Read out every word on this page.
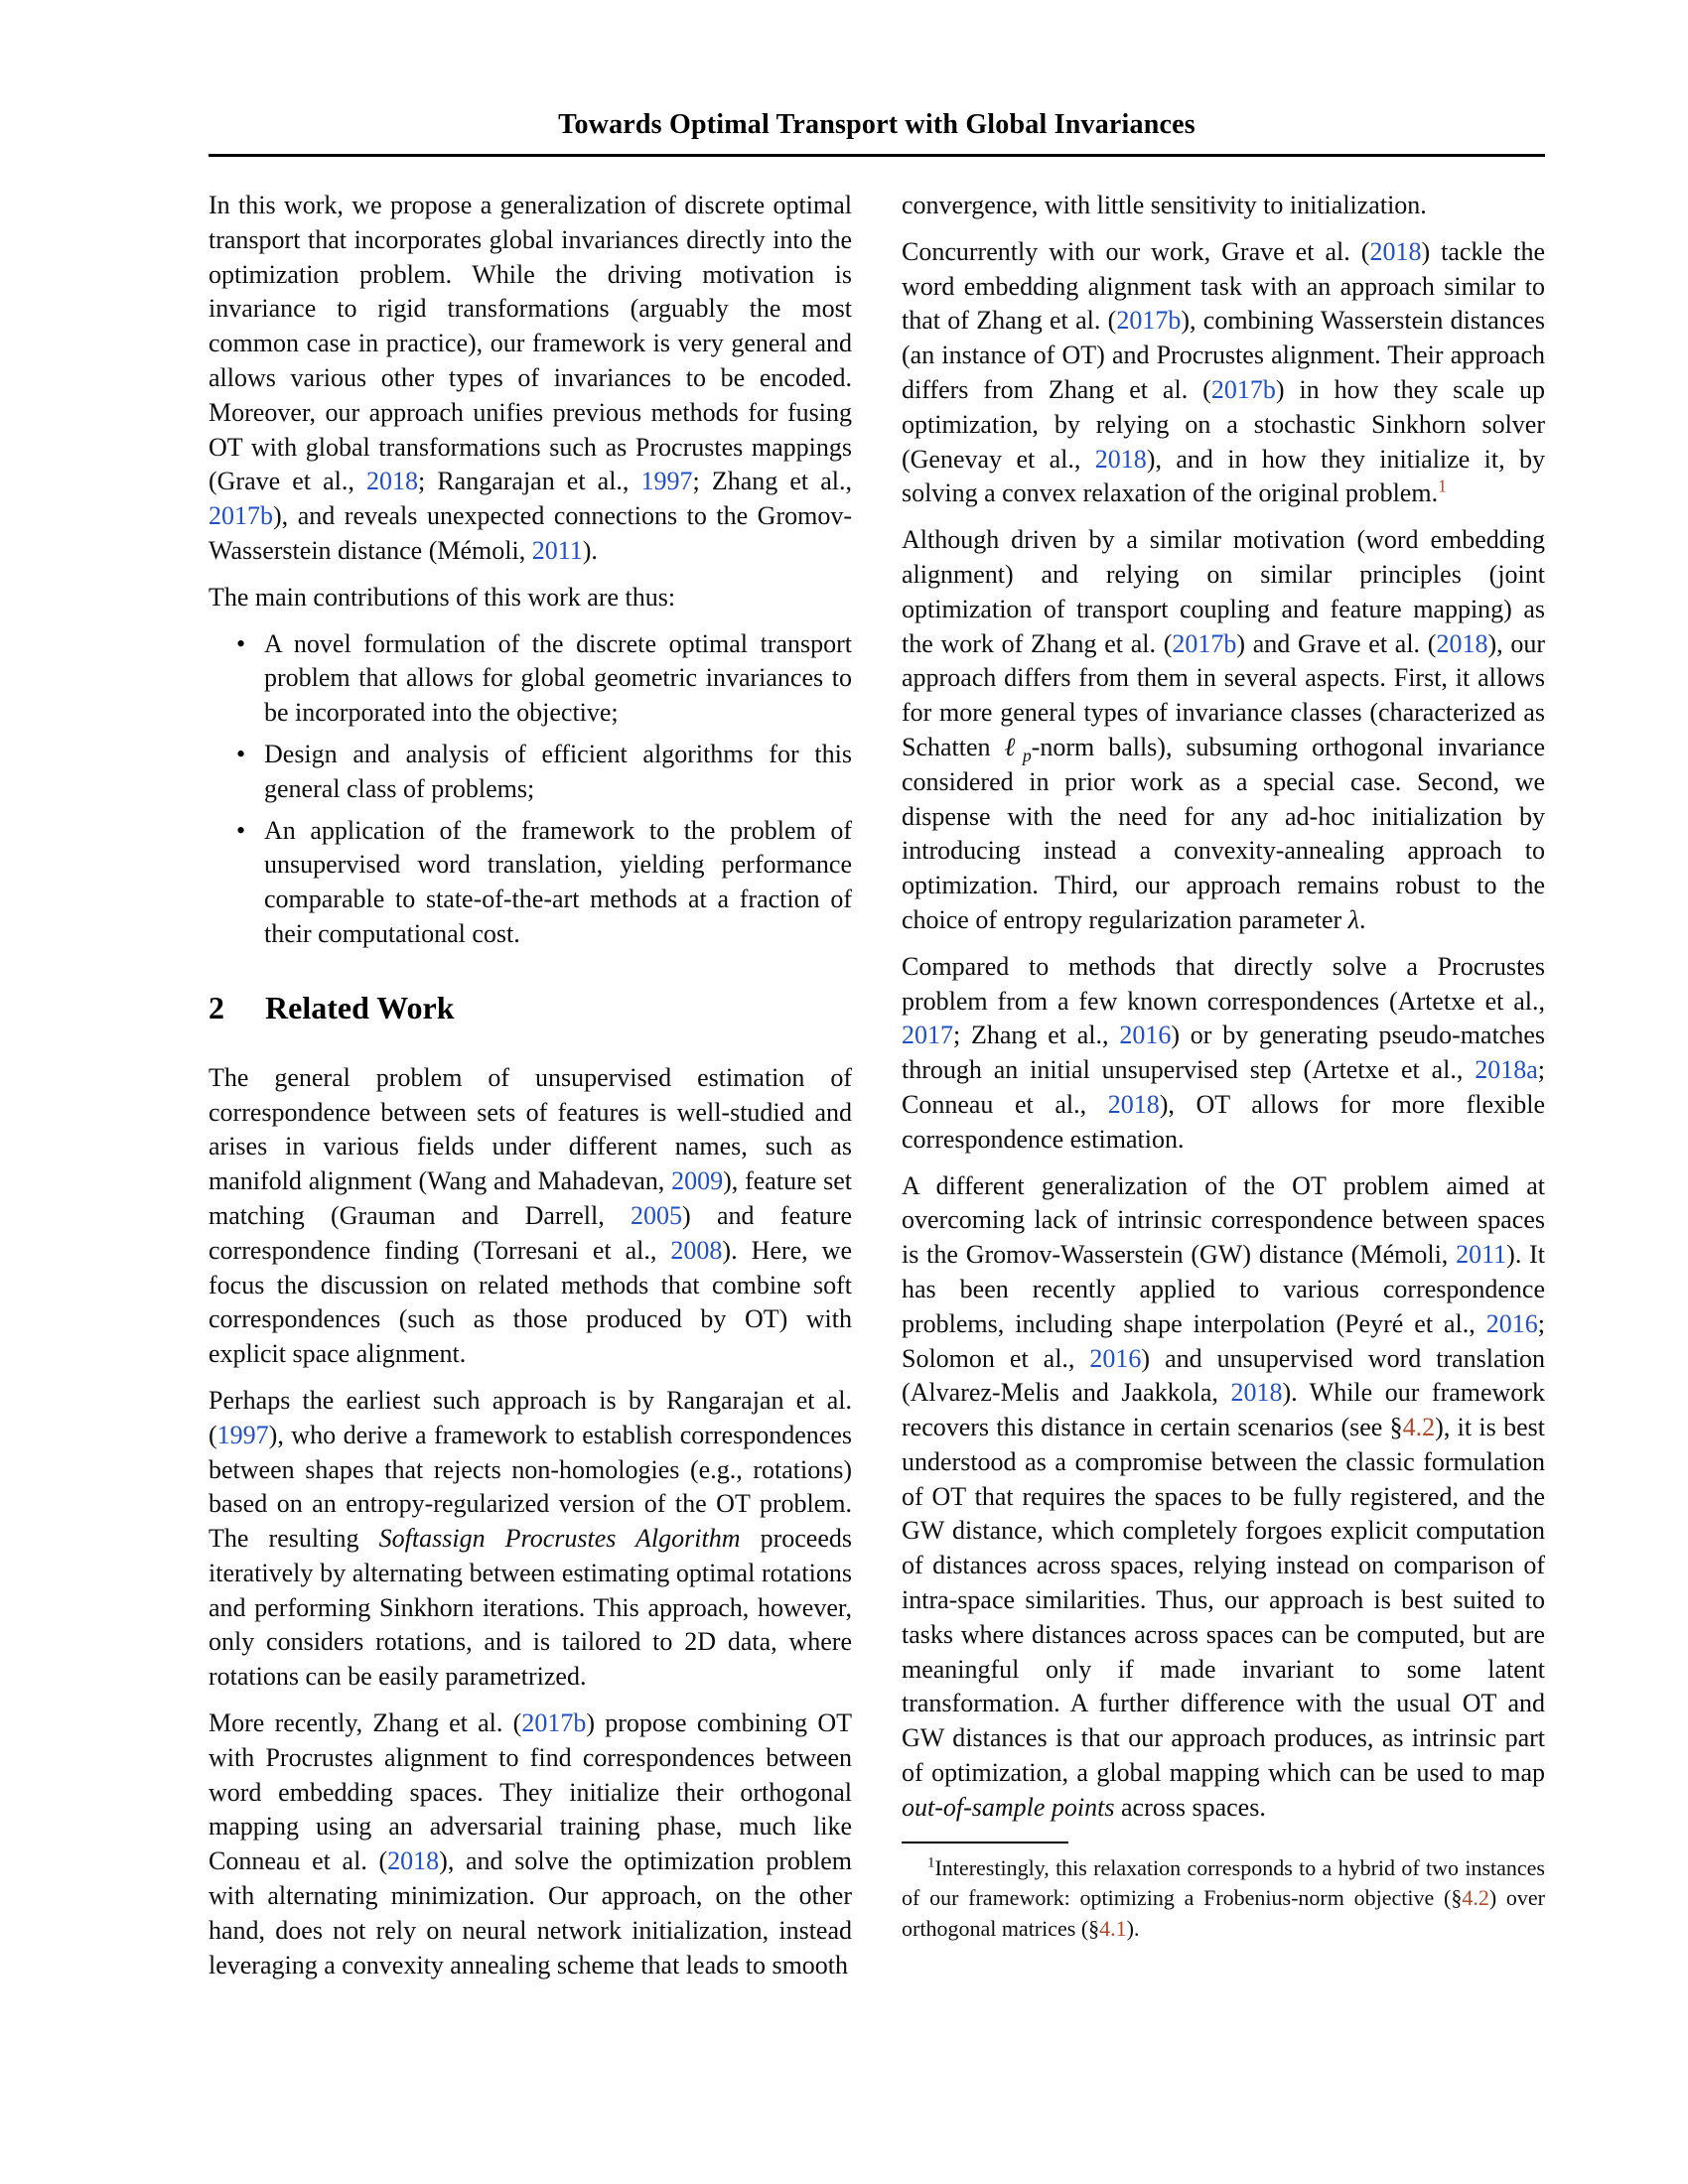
Towards Optimal Transport with Global Invariances

In this work, we propose a generalization of discrete optimal transport that incorporates global invariances directly into the optimization problem. While the driving motivation is invariance to rigid transformations (arguably the most common case in practice), our framework is very general and allows various other types of invariances to be encoded. Moreover, our approach unifies previous methods for fusing OT with global transformations such as Procrustes mappings (Grave et al., 2018; Rangarajan et al., 1997; Zhang et al., 2017b), and reveals unexpected connections to the Gromov-Wasserstein distance (Mémoli, 2011).

The main contributions of this work are thus:

• A novel formulation of the discrete optimal transport problem that allows for global geometric invariances to be incorporated into the objective;
• Design and analysis of efficient algorithms for this general class of problems;
• An application of the framework to the problem of unsupervised word translation, yielding performance comparable to state-of-the-art methods at a fraction of their computational cost.
2 Related Work

The general problem of unsupervised estimation of correspondence between sets of features is well-studied and arises in various fields under different names, such as manifold alignment (Wang and Mahadevan, 2009), feature set matching (Grauman and Darrell, 2005) and feature correspondence finding (Torresani et al., 2008). Here, we focus the discussion on related methods that combine soft correspondences (such as those produced by OT) with explicit space alignment.

Perhaps the earliest such approach is by Rangarajan et al. (1997), who derive a framework to establish correspondences between shapes that rejects non-homologies (e.g., rotations) based on an entropy-regularized version of the OT problem. The resulting Softassign Procrustes Algorithm proceeds iteratively by alternating between estimating optimal rotations and performing Sinkhorn iterations. This approach, however, only considers rotations, and is tailored to 2D data, where rotations can be easily parametrized.

More recently, Zhang et al. (2017b) propose combining OT with Procrustes alignment to find correspondences between word embedding spaces. They initialize their orthogonal mapping using an adversarial training phase, much like Conneau et al. (2018), and solve the optimization problem with alternating minimization. Our approach, on the other hand, does not rely on neural network initialization, instead leveraging a convexity annealing scheme that leads to smooth

convergence, with little sensitivity to initialization.

Concurrently with our work, Grave et al. (2018) tackle the word embedding alignment task with an approach similar to that of Zhang et al. (2017b), combining Wasserstein distances (an instance of OT) and Procrustes alignment. Their approach differs from Zhang et al. (2017b) in how they scale up optimization, by relying on a stochastic Sinkhorn solver (Genevay et al., 2018), and in how they initialize it, by solving a convex relaxation of the original problem.$^1$

Although driven by a similar motivation (word embedding alignment) and relying on similar principles (joint optimization of transport coupling and feature mapping) as the work of Zhang et al. (2017b) and Grave et al. (2018), our approach differs from them in several aspects. First, it allows for more general types of invariance classes (characterized as Schatten ℓ$_p$-norm balls), subsuming orthogonal invariance considered in prior work as a special case. Second, we dispense with the need for any ad-hoc initialization by introducing instead a convexity-annealing approach to optimization. Third, our approach remains robust to the choice of entropy regularization parameter λ.

Compared to methods that directly solve a Procrustes problem from a few known correspondences (Artetxe et al., 2017; Zhang et al., 2016) or by generating pseudo-matches through an initial unsupervised step (Artetxe et al., 2018a; Conneau et al., 2018), OT allows for more flexible correspondence estimation.

A different generalization of the OT problem aimed at overcoming lack of intrinsic correspondence between spaces is the Gromov-Wasserstein (GW) distance (Mémoli, 2011). It has been recently applied to various correspondence problems, including shape interpolation (Peyré et al., 2016; Solomon et al., 2016) and unsupervised word translation (Alvarez-Melis and Jaakkola, 2018). While our framework recovers this distance in certain scenarios (see §4.2), it is best understood as a compromise between the classic formulation of OT that requires the spaces to be fully registered, and the GW distance, which completely forgoes explicit computation of distances across spaces, relying instead on comparison of intra-space similarities. Thus, our approach is best suited to tasks where distances across spaces can be computed, but are meaningful only if made invariant to some latent transformation. A further difference with the usual OT and GW distances is that our approach produces, as intrinsic part of optimization, a global mapping which can be used to map out-of-sample points across spaces.

$^1$Interestingly, this relaxation corresponds to a hybrid of two instances of our framework: optimizing a Frobenius-norm objective (§4.2) over orthogonal matrices (§4.1).
